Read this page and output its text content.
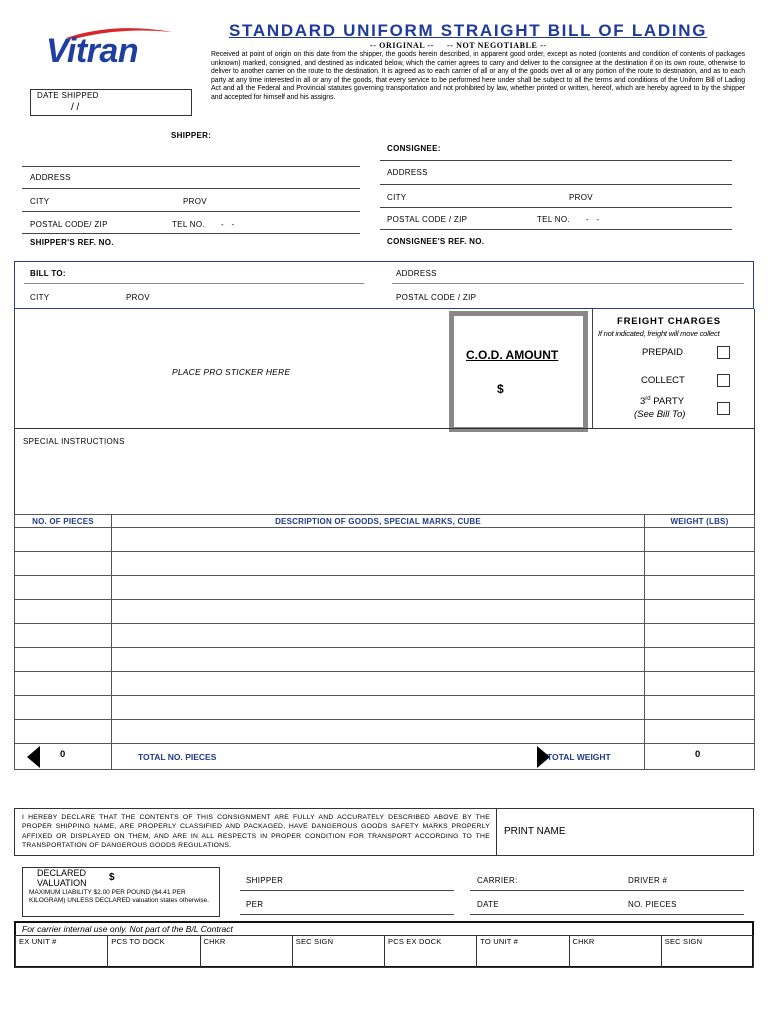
Vitran
STANDARD UNIFORM STRAIGHT BILL OF LADING
-- ORIGINAL --     -- NOT NEGOTIABLE --
Received at point of origin on this date from the shipper, the goods herein described, in apparent good order, except as noted (contents and condition of contents of packages unknown) marked, consigned, and destined as indicated below, which the carrier agrees to carry and deliver to the consignee at the destination if on its own route, otherwise to deliver to another carrier on the route to the destination. It is agreed as to each carrier of all or any of the goods over all or any portion of the route to destination, and as to each party at any time interested in all or any of the goods, that every service to be performed here under shall be subject to all the terms and conditions of the Uniform Bill of Lading Act and all the Federal and Provincial statutes governing transportation and not prohibited by law, whether printed or written, hereof, which are hereby agreed to by the shipper and accepted for himself and his assigns.
DATE SHIPPED
/ /
SHIPPER:
ADDRESS
CITY	PROV
POSTAL CODE/ ZIP	TEL NO. -   -
SHIPPER'S REF. NO.
CONSIGNEE:
ADDRESS
CITY	PROV
POSTAL CODE / ZIP	TEL NO. -   -
CONSIGNEE'S REF. NO.
BILL TO:	ADDRESS
CITY	PROV	POSTAL CODE / ZIP
PLACE PRO STICKER HERE
C.O.D. AMOUNT
$
FREIGHT CHARGES
If not indicated, freight will move collect
PREPAID
COLLECT
3rd PARTY
(See Bill To)
SPECIAL INSTRUCTIONS
NO. OF PIECES	DESCRIPTION OF GOODS, SPECIAL MARKS, CUBE	WEIGHT (LBS)

0	TOTAL NO. PIECES TOTAL WEIGHT	0
I HEREBY DECLARE THAT THE CONTENTS OF THIS CONSIGNMENT ARE FULLY AND ACCURATELY DESCRIBED ABOVE BY THE PROPER SHIPPING NAME, ARE PROPERLY CLASSIFIED AND PACKAGED, HAVE DANGEROUS GOODS SAFETY MARKS PROPERLY AFFIXED OR DISPLAYED ON THEM, AND ARE IN ALL RESPECTS IN PROPER CONDITION FOR TRANSPORT ACCORDING TO THE TRANSPORTATION OF DANGEROUS GOODS REGULATIONS.
PRINT NAME
DECLARED
VALUATION $
MAXIMUM LIABILITY $2.00 PER POUND ($4.41 PER KILOGRAM) UNLESS DECLARED valuation states otherwise.
SHIPPER
PER
CARRIER:	DRIVER #
DATE	NO. PIECES
For carrier internal use only. Not part of the B/L Contract
EX UNIT #	PCS TO DOCK	CHKR	SEC SIGN	PCS EX DOCK	TO UNIT #	CHKR	SEC SIGN
